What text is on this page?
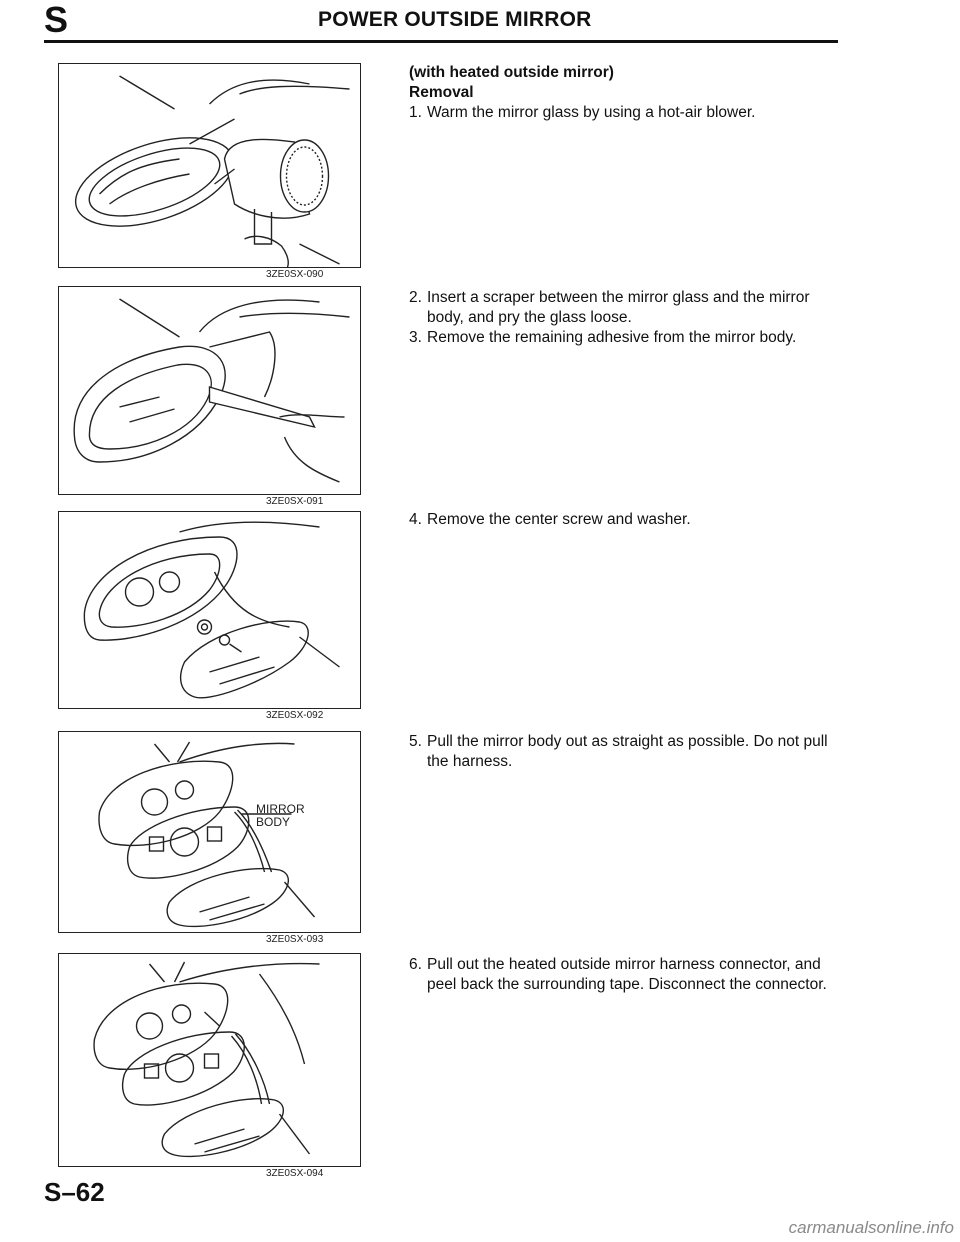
S	POWER OUTSIDE MIRROR
3ZE0SX-090
3ZE0SX-091
3ZE0SX-092
MIRROR
BODY
3ZE0SX-093
3ZE0SX-094
(with heated outside mirror)
Removal
1. Warm the mirror glass by using a hot-air blower.
2. Insert a scraper between the mirror glass and the mirror body, and pry the glass loose.
3. Remove the remaining adhesive from the mirror body.
4. Remove the center screw and washer.
5. Pull the mirror body out as straight as possible. Do not pull the harness.
6. Pull out the heated outside mirror harness connector, and peel back the surrounding tape. Disconnect the connector.
S–62
carmanualsonline.info
